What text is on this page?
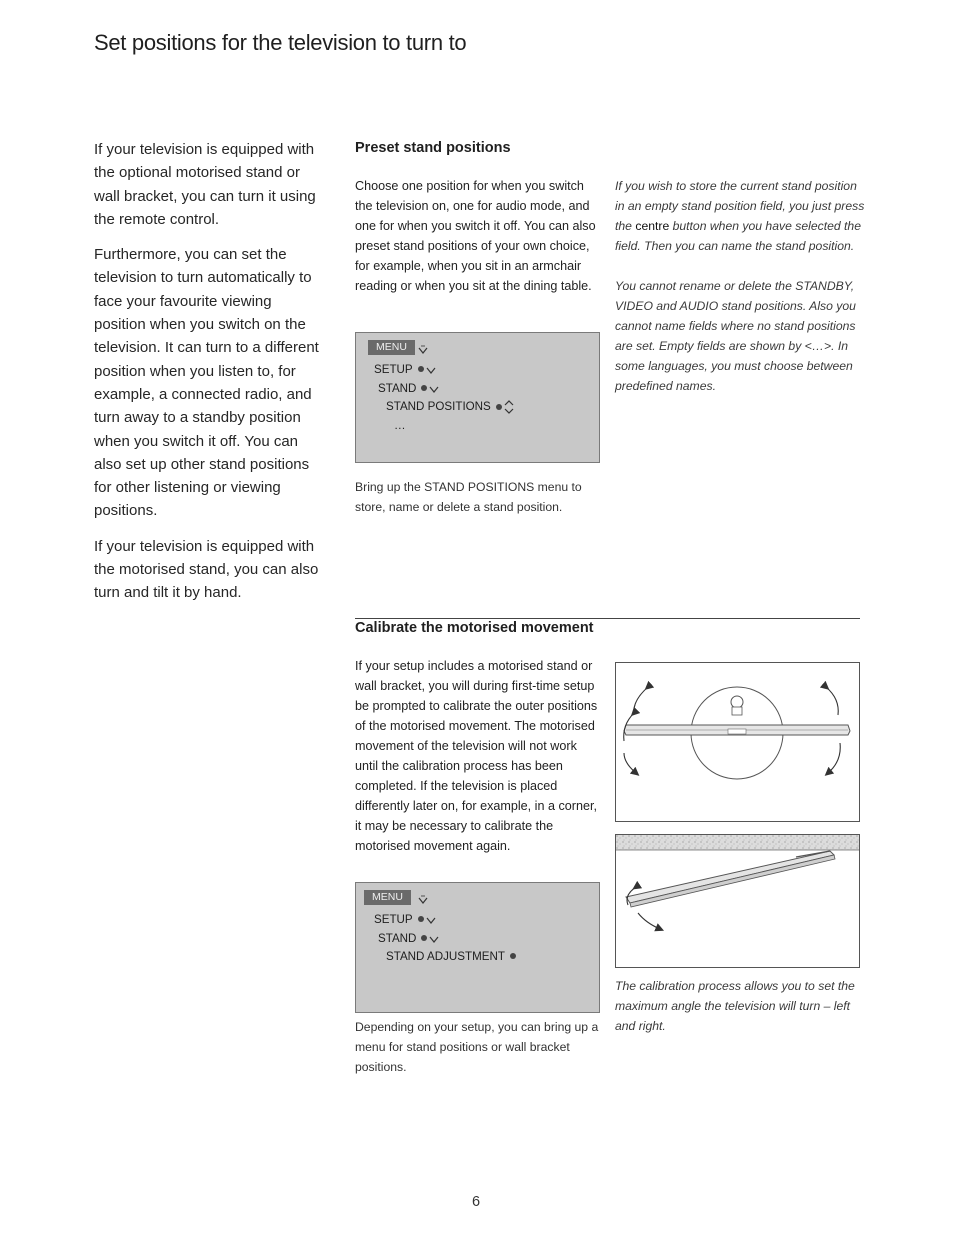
Set positions for the television to turn to

If your television is equipped with the optional motorised stand or wall bracket, you can turn it using the remote control.

Furthermore, you can set the television to turn automatically to face your favourite viewing position when you switch on the television. It can turn to a different position when you listen to, for example, a connected radio, and turn away to a standby position when you switch it off. You can also set up other stand positions for other listening or viewing positions.

If your television is equipped with the motorised stand, you can also turn and tilt it by hand.

Preset stand positions

Choose one position for when you switch the television on, one for audio mode, and one for when you switch it off. You can also preset stand positions of your own choice, for example, when you sit in an armchair reading or when you sit at the dining table.

If you wish to store the current stand position in an empty stand position field, you just press the centre button when you have selected the field. Then you can name the stand position.

You cannot rename or delete the STANDBY, VIDEO and AUDIO stand positions. Also you cannot name fields where no stand positions are set. Empty fields are shown by <…>. In some languages, you must choose between predefined names.

MENU
SETUP
STAND
STAND POSITIONS
…
Bring up the STAND POSITIONS menu to store, name or delete a stand position.
Calibrate the motorised movement

If your setup includes a motorised stand or wall bracket, you will during first-time setup be prompted to calibrate the outer positions of the motorised movement. The motorised movement of the television will not work until the calibration process has been completed. If the television is placed differently later on, for example, in a corner, it may be necessary to calibrate the motorised movement again.

MENU
SETUP
STAND
STAND ADJUSTMENT
Depending on your setup, you can bring up a menu for stand positions or wall bracket positions.
The calibration process allows you to set the maximum angle the television will turn – left and right.
6
